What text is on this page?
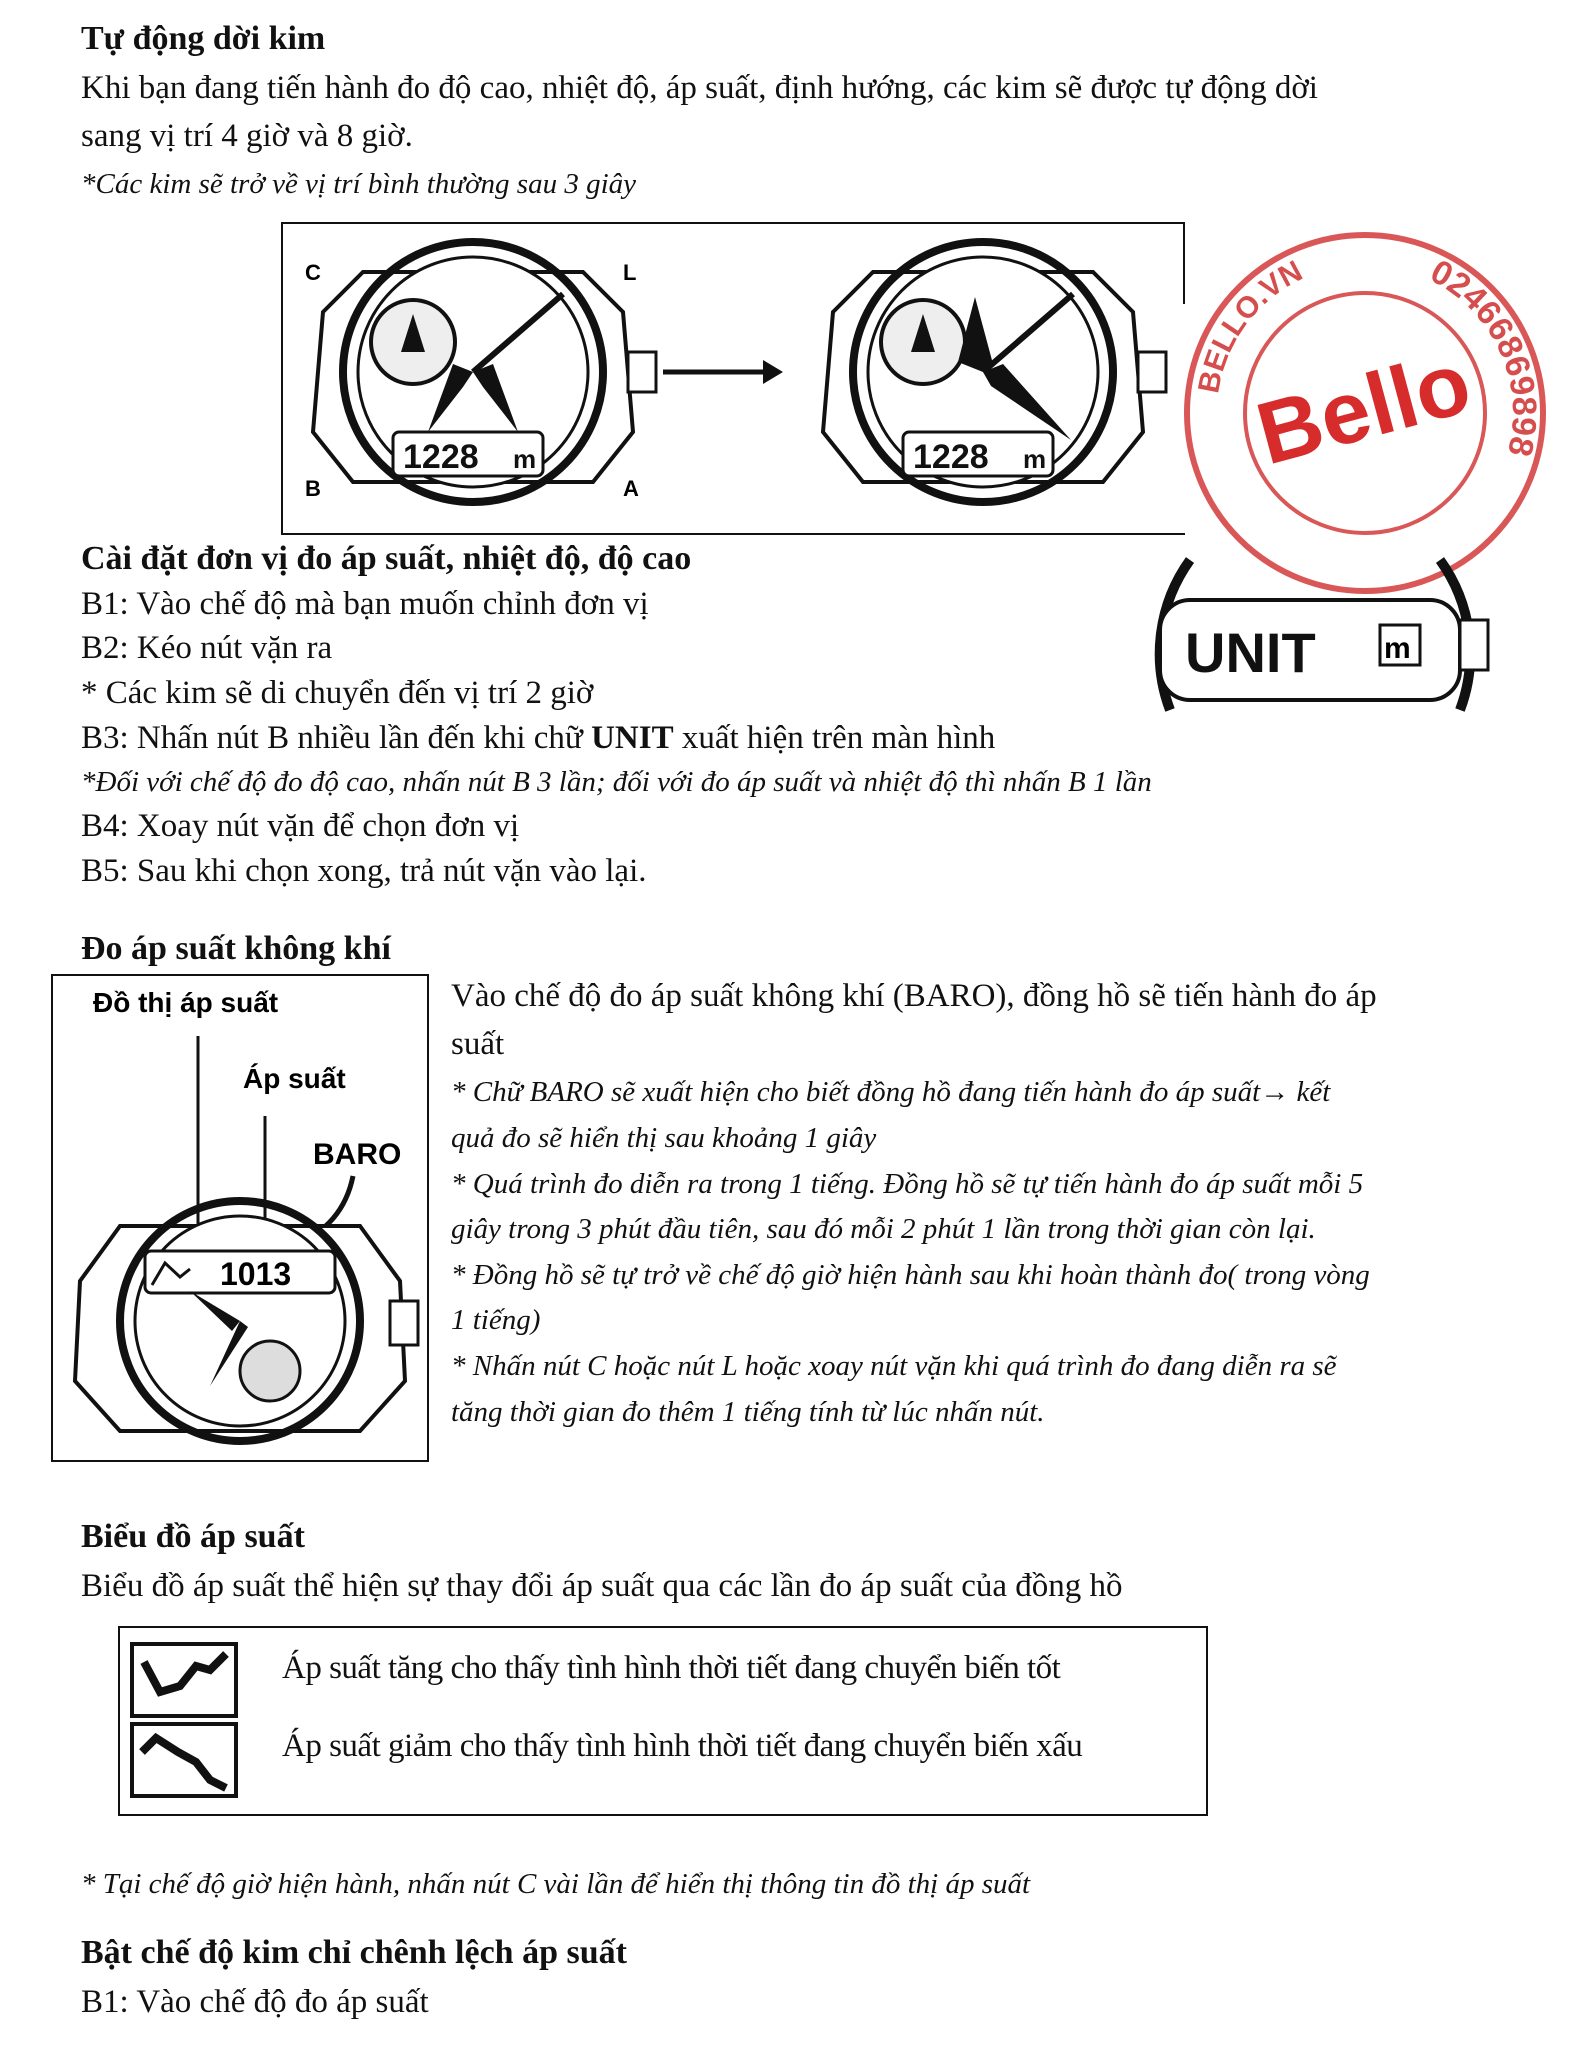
Tự động dời kim
Khi bạn đang tiến hành đo độ cao, nhiệt độ, áp suất, định hướng, các kim sẽ được tự động dời
sang vị trí 4 giờ và 8 giờ.
*Các kim sẽ trở về vị trí bình thường sau 3 giây
1228 m
C	L
B	A
1228 m
02466869898
BELLO.VN
Bello
Cài đặt đơn vị đo áp suất, nhiệt độ, độ cao
B1: Vào chế độ mà bạn muốn chỉnh đơn vị
B2: Kéo nút vặn ra
* Các kim sẽ di chuyển đến vị trí 2 giờ
B3: Nhấn nút B nhiều lần đến khi chữ UNIT xuất hiện trên màn hình
*Đối với chế độ đo độ cao, nhấn nút B 3 lần; đối với đo áp suất và nhiệt độ thì nhấn B 1 lần
B4: Xoay nút vặn để chọn đơn vị
B5: Sau khi chọn xong, trả nút vặn vào lại.
UNIT m
Đo áp suất không khí
Đồ thị áp suất
Áp suất
BARO
1013
Vào chế độ đo áp suất không khí (BARO), đồng hồ sẽ tiến hành đo áp
suất
* Chữ BARO sẽ xuất hiện cho biết đồng hồ đang tiến hành đo áp suất→ kết
quả đo sẽ hiển thị sau khoảng 1 giây
* Quá trình đo diễn ra trong 1 tiếng. Đồng hồ sẽ tự tiến hành đo áp suất mỗi 5
giây trong 3 phút đầu tiên, sau đó mỗi 2 phút 1 lần trong thời gian còn lại.
* Đồng hồ sẽ tự trở về chế độ giờ hiện hành sau khi hoàn thành đo( trong vòng
1 tiếng)
* Nhấn nút C hoặc nút L hoặc xoay nút vặn khi quá trình đo đang diễn ra sẽ
tăng thời gian đo thêm 1 tiếng tính từ lúc nhấn nút.
Biểu đồ áp suất
Biểu đồ áp suất thể hiện sự thay đổi áp suất qua các lần đo áp suất của đồng hồ
Áp suất tăng cho thấy tình hình thời tiết đang chuyển biến tốt
Áp suất giảm cho thấy tình hình thời tiết đang chuyển biến xấu
* Tại chế độ giờ hiện hành, nhấn nút C vài lần để hiển thị thông tin đồ thị áp suất
Bật chế độ kim chỉ chênh lệch áp suất
B1: Vào chế độ đo áp suất
